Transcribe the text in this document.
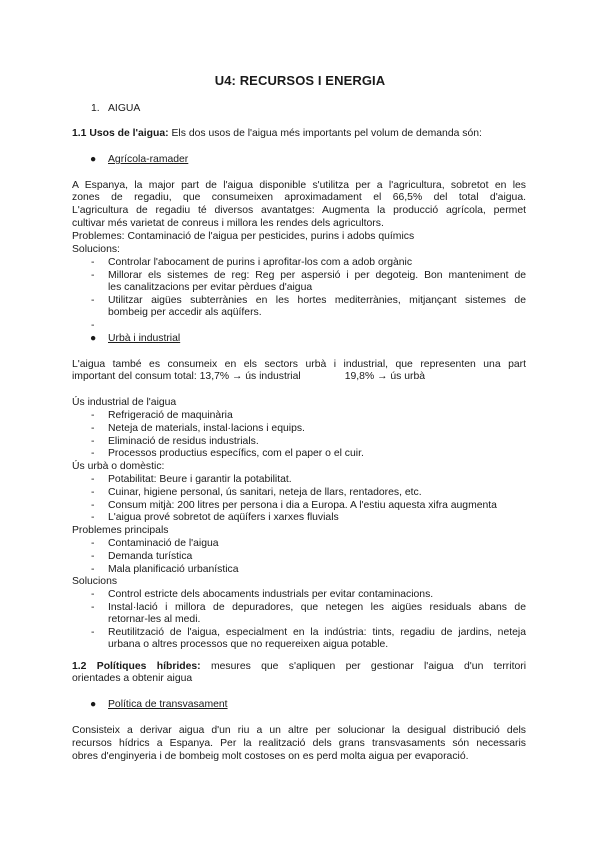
U4: RECURSOS I ENERGIA
1. AIGUA
1.1 Usos de l'aigua: Els dos usos de l'aigua més importants pel volum de demanda són:
● Agrícola-ramader
A Espanya, la major part de l'aigua disponible s'utilitza per a l'agricultura, sobretot en les
zones de regadiu, que consumeixen aproximadament el 66,5% del total d'aigua.
L'agricultura de regadiu té diversos avantatges: Augmenta la producció agrícola, permet
cultivar més varietat de conreus i millora les rendes dels agricultors.
Problemes: Contaminació de l'aigua per pesticides, purins i adobs químics
Solucions:
- Controlar l'abocament de purins i aprofitar-los com a adob orgànic
- Millorar els sistemes de reg: Reg per aspersió i per degoteig. Bon manteniment de
les canalitzacions per evitar pèrdues d'aigua
- Utilitzar aigües subterrànies en les hortes mediterrànies, mitjançant sistemes de
bombeig per accedir als aqüífers.
-
● Urbà i industrial
L'aigua també es consumeix en els sectors urbà i industrial, que representen una part
important del consum total: 13,7% → ús industrial	19,8% → ús urbà
Ús industrial de l'aigua
- Refrigeració de maquinària
- Neteja de materials, instal·lacions i equips.
- Eliminació de residus industrials.
- Processos productius específics, com el paper o el cuir.
Ús urbà o domèstic:
- Potabilitat: Beure i garantir la potabilitat.
- Cuinar, higiene personal, ús sanitari, neteja de llars, rentadores, etc.
- Consum mitjà: 200 litres per persona i dia a Europa. A l'estiu aquesta xifra augmenta
- L'aigua prové sobretot de aqüífers i xarxes fluvials
Problemes principals
- Contaminació de l'aigua
- Demanda turística
- Mala planificació urbanística
Solucions
- Control estricte dels abocaments industrials per evitar contaminacions.
- Instal·lació i millora de depuradores, que netegen les aigües residuals abans de
retornar-les al medi.
- Reutilització de l'aigua, especialment en la indústria: tints, regadiu de jardins, neteja
urbana o altres processos que no requereixen aigua potable.
1.2 Polítiques híbrides: mesures que s'apliquen per gestionar l'aigua d'un territori
orientades a obtenir aigua
● Política de transvasament
Consisteix a derivar aigua d'un riu a un altre per solucionar la desigual distribució dels
recursos hídrics a Espanya. Per la realització dels grans transvasaments són necessaris
obres d'enginyeria i de bombeig molt costoses on es perd molta aigua per evaporació.
